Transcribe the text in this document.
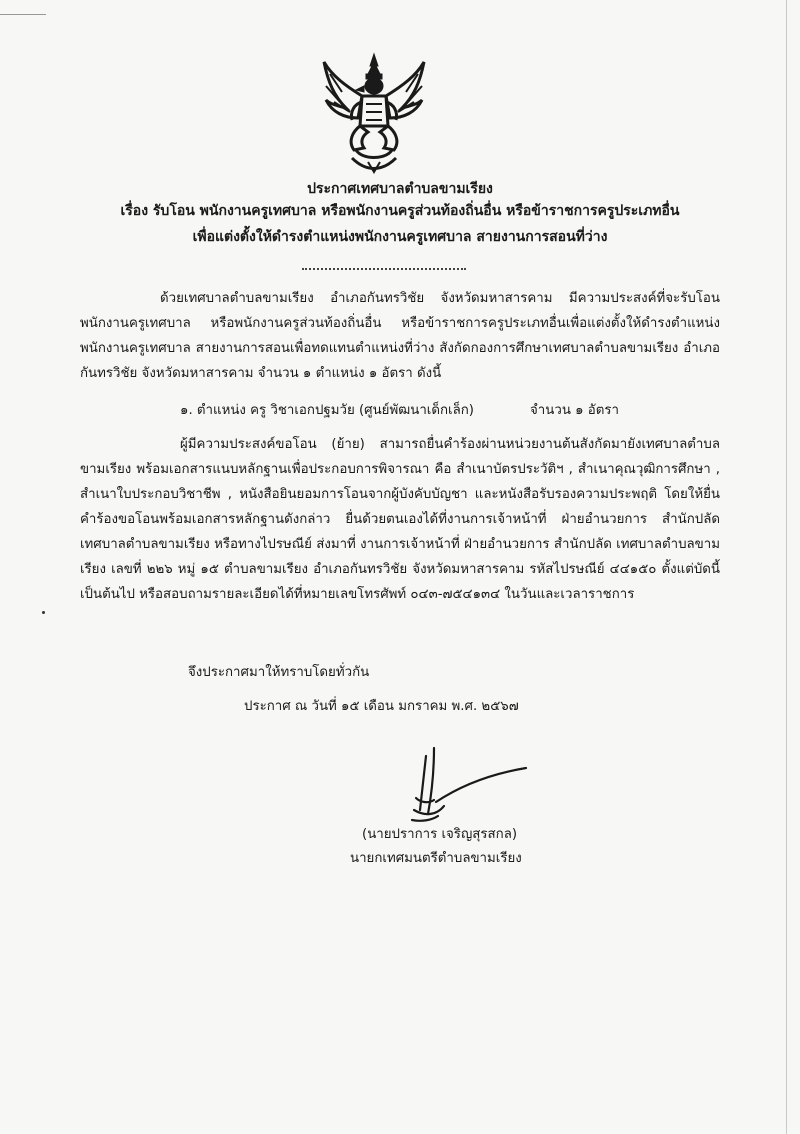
ประกาศเทศบาลตำบลขามเรียง
เรื่อง รับโอน พนักงานครูเทศบาล หรือพนักงานครูส่วนท้องถิ่นอื่น หรือข้าราชการครูประเภทอื่น
เพื่อแต่งตั้งให้ดำรงตำแหน่งพนักงานครูเทศบาล สายงานการสอนที่ว่าง
ด้วยเทศบาลตำบลขามเรียง อำเภอกันทรวิชัย จังหวัดมหาสารคาม มีความประสงค์ที่จะรับโอนพนักงานครูเทศบาล หรือพนักงานครูส่วนท้องถิ่นอื่น หรือข้าราชการครูประเภทอื่นเพื่อแต่งตั้งให้ดำรงตำแหน่งพนักงานครูเทศบาล สายงานการสอนเพื่อทดแทนตำแหน่งที่ว่าง สังกัดกองการศึกษาเทศบาลตำบลขามเรียง อำเภอกันทรวิชัย จังหวัดมหาสารคาม จำนวน ๑ ตำแหน่ง ๑ อัตรา ดังนี้
๑. ตำแหน่ง ครู วิชาเอกปฐมวัย (ศูนย์พัฒนาเด็กเล็ก)	จำนวน ๑ อัตรา
ผู้มีความประสงค์ขอโอน (ย้าย) สามารถยื่นคำร้องผ่านหน่วยงานต้นสังกัดมายังเทศบาลตำบลขามเรียง พร้อมเอกสารแนบหลักฐานเพื่อประกอบการพิจารณา คือ สำเนาบัตรประวัติฯ , สำเนาคุณวุฒิการศึกษา , สำเนาใบประกอบวิชาชีพ , หนังสือยินยอมการโอนจากผู้บังคับบัญชา และหนังสือรับรองความประพฤติ โดยให้ยื่นคำร้องขอโอนพร้อมเอกสารหลักฐานดังกล่าว ยื่นด้วยตนเองได้ที่งานการเจ้าหน้าที่ ฝ่ายอำนวยการ สำนักปลัด เทศบาลตำบลขามเรียง หรือทางไปรษณีย์ ส่งมาที่ งานการเจ้าหน้าที่ ฝ่ายอำนวยการ สำนักปลัด เทศบาลตำบลขามเรียง เลขที่ ๒๒๖ หมู่ ๑๕ ตำบลขามเรียง อำเภอกันทรวิชัย จังหวัดมหาสารคาม รหัสไปรษณีย์ ๔๔๑๕๐ ตั้งแต่บัดนี้เป็นต้นไป หรือสอบถามรายละเอียดได้ที่หมายเลขโทรศัพท์ ๐๔๓-๗๕๔๑๓๔ ในวันและเวลาราชการ
จึงประกาศมาให้ทราบโดยทั่วกัน
ประกาศ ณ วันที่ ๑๕ เดือน มกราคม พ.ศ. ๒๕๖๗
(นายปราการ เจริญสุรสกล)
นายกเทศมนตรีตำบลขามเรียง
